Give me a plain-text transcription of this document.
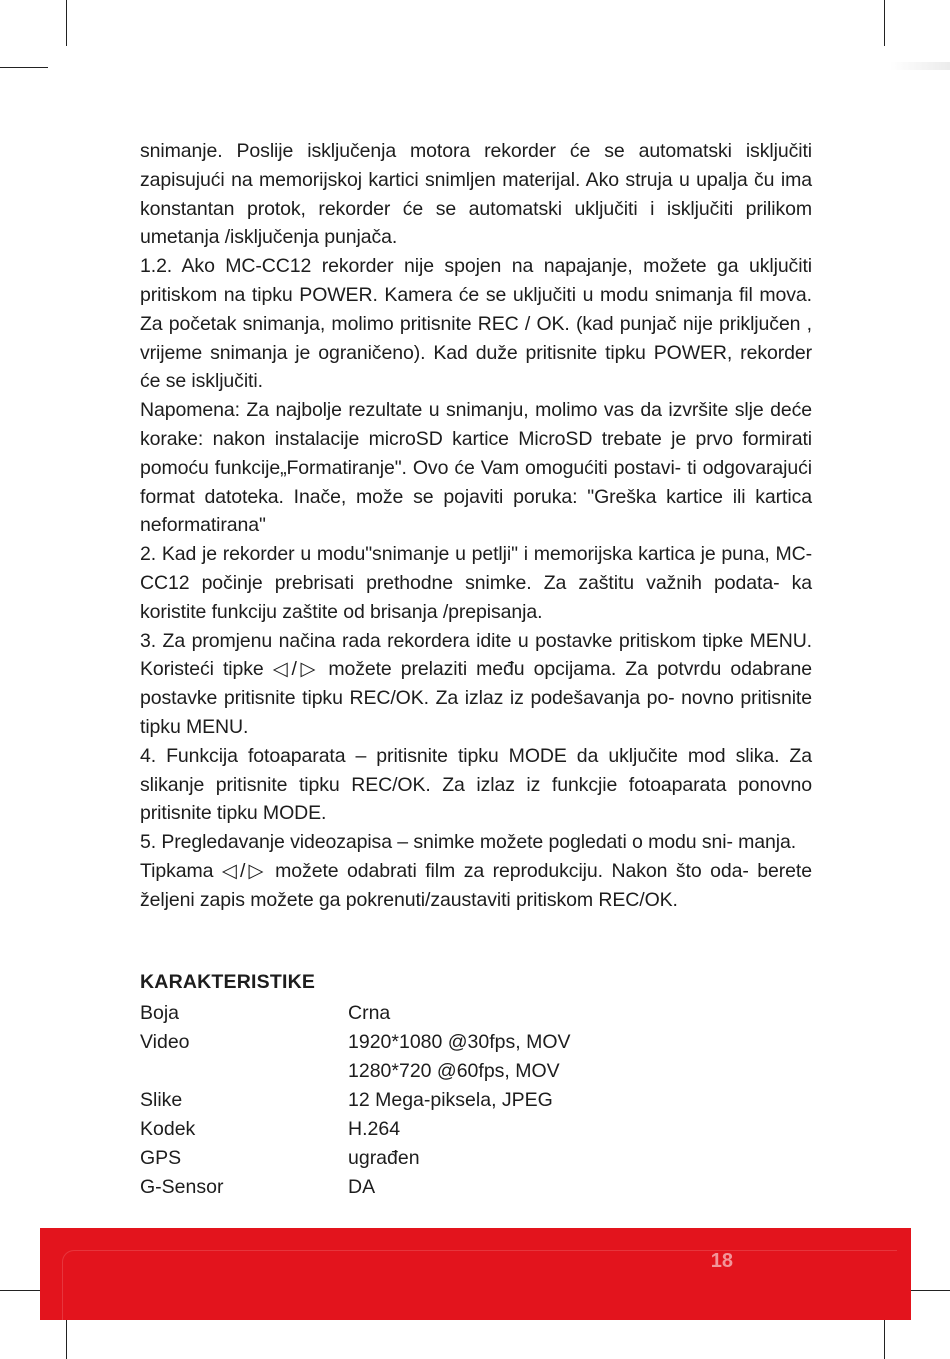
snimanje. Poslije isključenja motora rekorder će se automatski isključiti zapisujući na memorijskoj kartici snimljen materijal. Ako struja u upalja ču ima konstantan protok, rekorder će se automatski uključiti i isključiti prilikom umetanja /isključenja punjača.

1.2. Ako MC-CC12 rekorder nije spojen na napajanje, možete ga uključiti pritiskom na tipku POWER. Kamera će se uključiti u modu snimanja fil mova. Za početak snimanja, molimo pritisnite REC / OK. (kad punjač nije priključen , vrijeme snimanja je ograničeno). Kad duže pritisnite tipku POWER, rekorder će se isključiti.

Napomena: Za najbolje rezultate u snimanju, molimo vas da izvršite slje deće korake: nakon instalacije microSD kartice MicroSD trebate je prvo formirati pomoću funkcije„Formatiranje". Ovo će Vam omogućiti postavi- ti odgovarajući format datoteka. Inače, može se pojaviti poruka: "Greška kartice ili kartica neformatirana"

2. Kad je rekorder u modu"snimanje u petlji" i memorijska kartica je puna, MC-CC12 počinje prebrisati prethodne snimke. Za zaštitu važnih podata- ka koristite funkciju zaštite od brisanja /prepisanja.

3. Za promjenu načina rada rekordera idite u postavke pritiskom tipke MENU. Koristeći tipke ◁/▷ možete prelaziti među opcijama. Za potvrdu odabrane postavke pritisnite tipku REC/OK. Za izlaz iz podešavanja po- novno pritisnite tipku MENU.

4. Funkcija fotoaparata – pritisnite tipku MODE da uključite mod slika. Za slikanje pritisnite tipku REC/OK. Za izlaz iz funkcjie fotoaparata ponovno pritisnite tipku MODE.

5. Pregledavanje videozapisa – snimke možete pogledati o modu sni- manja.

Tipkama ◁/▷ možete odabrati film za reprodukciju. Nakon što oda- berete željeni zapis možete ga pokrenuti/zaustaviti pritiskom REC/OK.

KARAKTERISTIKE
Boja	Crna
Video	1920*1080 @30fps, MOV
1280*720 @60fps, MOV
Slike	12 Mega-piksela, JPEG
Kodek	H.264
GPS	ugrađen
G-Sensor	DA
18
